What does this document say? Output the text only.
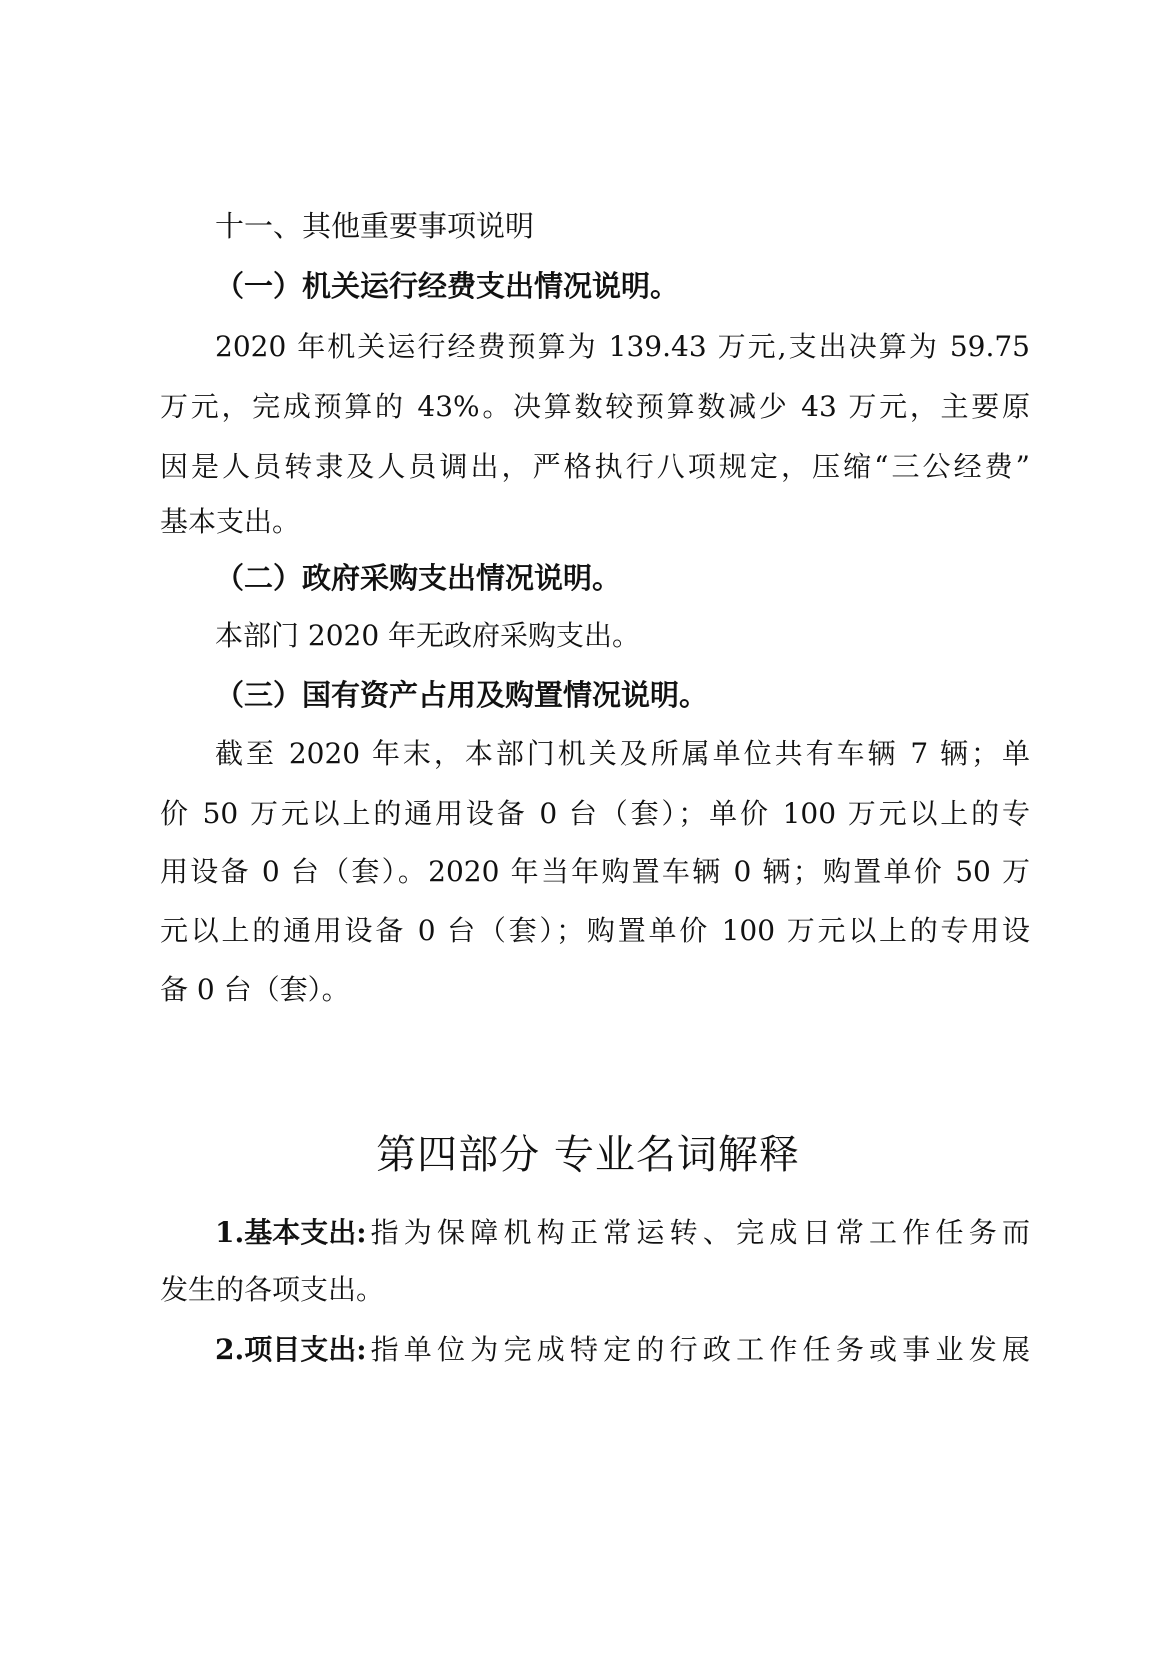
十一、其他重要事项说明
（一）机关运行经费支出情况说明。
2020 年机关运行经费预算为 139.43 万元,支出决算为 59.75
万元，完成预算的 43%。决算数较预算数减少 43 万元，主要原
因是人员转隶及人员调出，严格执行八项规定，压缩“三公经费”
基本支出。
（二）政府采购支出情况说明。
本部门 2020 年无政府采购支出。
（三）国有资产占用及购置情况说明。
截至 2020 年末，本部门机关及所属单位共有车辆 7 辆；单
价 50 万元以上的通用设备 0 台（套）；单价 100 万元以上的专
用设备 0 台（套）。2020 年当年购置车辆 0 辆；购置单价 50 万
元以上的通用设备 0 台（套）；购置单价 100 万元以上的专用设
备 0 台（套）。
第四部分 专业名词解释
1.基本支出: 指为保障机构正常运转、完成日常工作任务而
发生的各项支出。
2.项目支出: 指单位为完成特定的行政工作任务或事业发展
